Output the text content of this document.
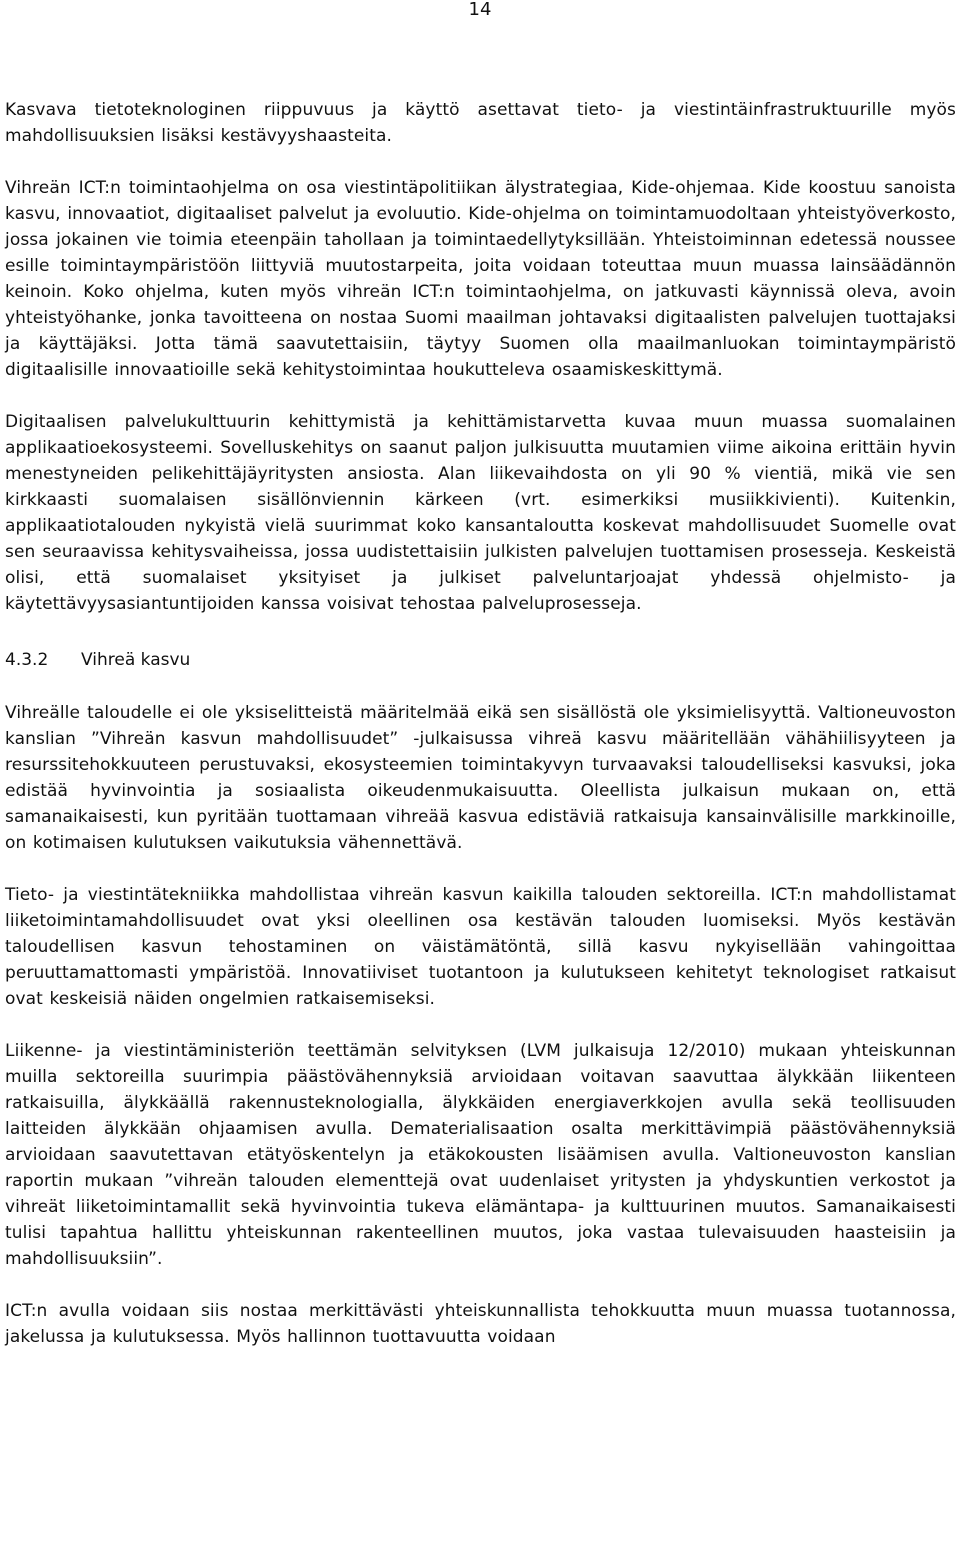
14

Kasvava tietoteknologinen riippuvuus ja käyttö asettavat tieto- ja viestintäinfrastruktuurille myös mahdollisuuksien lisäksi kestävyyshaasteita.

Vihreän ICT:n toimintaohjelma on osa viestintäpolitiikan älystrategiaa, Kide-ohjemaa. Kide koostuu sanoista kasvu, innovaatiot, digitaaliset palvelut ja evoluutio. Kide-ohjelma on toimintamuodoltaan yhteistyöverkosto, jossa jokainen vie toimia eteenpäin tahollaan ja toimintaedellytyksillään. Yhteistoiminnan edetessä noussee esille toimintaympäristöön liittyviä muutostarpeita, joita voidaan toteuttaa muun muassa lainsäädännön keinoin. Koko ohjelma, kuten myös vihreän ICT:n toimintaohjelma, on jatkuvasti käynnissä oleva, avoin yhteistyöhanke, jonka tavoitteena on nostaa Suomi maailman johtavaksi digitaalisten palvelujen tuottajaksi ja käyttäjäksi. Jotta tämä saavutettaisiin, täytyy Suomen olla maailmanluokan toimintaympäristö digitaalisille innovaatioille sekä kehitystoimintaa houkutteleva osaamiskeskittymä.

Digitaalisen palvelukulttuurin kehittymistä ja kehittämistarvetta kuvaa muun muassa suomalainen applikaatioekosysteemi. Sovelluskehitys on saanut paljon julkisuutta muutamien viime aikoina erittäin hyvin menestyneiden pelikehittäjäyritysten ansiosta. Alan liikevaihdosta on yli 90 % vientiä, mikä vie sen kirkkaasti suomalaisen sisällönviennin kärkeen (vrt. esimerkiksi musiikkivienti). Kuitenkin, applikaatiotalouden nykyistä vielä suurimmat koko kansantaloutta koskevat mahdollisuudet Suomelle ovat sen seuraavissa kehitysvaiheissa, jossa uudistettaisiin julkisten palvelujen tuottamisen prosesseja. Keskeistä olisi, että suomalaiset yksityiset ja julkiset palveluntarjoajat yhdessä ohjelmisto- ja käytettävyysasiantuntijoiden kanssa voisivat tehostaa palveluprosesseja.

4.3.2 Vihreä kasvu

Vihreälle taloudelle ei ole yksiselitteistä määritelmää eikä sen sisällöstä ole yksimielisyyttä. Valtioneuvoston kanslian ”Vihreän kasvun mahdollisuudet” -julkaisussa vihreä kasvu määritellään vähähiilisyyteen ja resurssitehokkuuteen perustuvaksi, ekosysteemien toimintakyvyn turvaavaksi taloudelliseksi kasvuksi, joka edistää hyvinvointia ja sosiaalista oikeudenmukaisuutta. Oleellista julkaisun mukaan on, että samanaikaisesti, kun pyritään tuottamaan vihreää kasvua edistäviä ratkaisuja kansainvälisille markkinoille, on kotimaisen kulutuksen vaikutuksia vähennettävä.

Tieto- ja viestintätekniikka mahdollistaa vihreän kasvun kaikilla talouden sektoreilla. ICT:n mahdollistamat liiketoimintamahdollisuudet ovat yksi oleellinen osa kestävän talouden luomiseksi. Myös kestävän taloudellisen kasvun tehostaminen on väistämätöntä, sillä kasvu nykyisellään vahingoittaa peruuttamattomasti ympäristöä. Innovatiiviset tuotantoon ja kulutukseen kehitetyt teknologiset ratkaisut ovat keskeisiä näiden ongelmien ratkaisemiseksi.

Liikenne- ja viestintäministeriön teettämän selvityksen (LVM julkaisuja 12/2010) mukaan yhteiskunnan muilla sektoreilla suurimpia päästövähennyksiä arvioidaan voitavan saavuttaa älykkään liikenteen ratkaisuilla, älykkäällä rakennusteknologialla, älykkäiden energiaverkkojen avulla sekä teollisuuden laitteiden älykkään ohjaamisen avulla. Dematerialisaation osalta merkittävimpiä päästövähennyksiä arvioidaan saavutettavan etätyöskentelyn ja etäkokousten lisäämisen avulla. Valtioneuvoston kanslian raportin mukaan ”vihreän talouden elementtejä ovat uudenlaiset yritysten ja yhdyskuntien verkostot ja vihreät liiketoimintamallit sekä hyvinvointia tukeva elämäntapa- ja kulttuurinen muutos. Samanaikaisesti tulisi tapahtua hallittu yhteiskunnan rakenteellinen muutos, joka vastaa tulevaisuuden haasteisiin ja mahdollisuuksiin”.

ICT:n avulla voidaan siis nostaa merkittävästi yhteiskunnallista tehokkuutta muun muassa tuotannossa, jakelussa ja kulutuksessa. Myös hallinnon tuottavuutta voidaan
